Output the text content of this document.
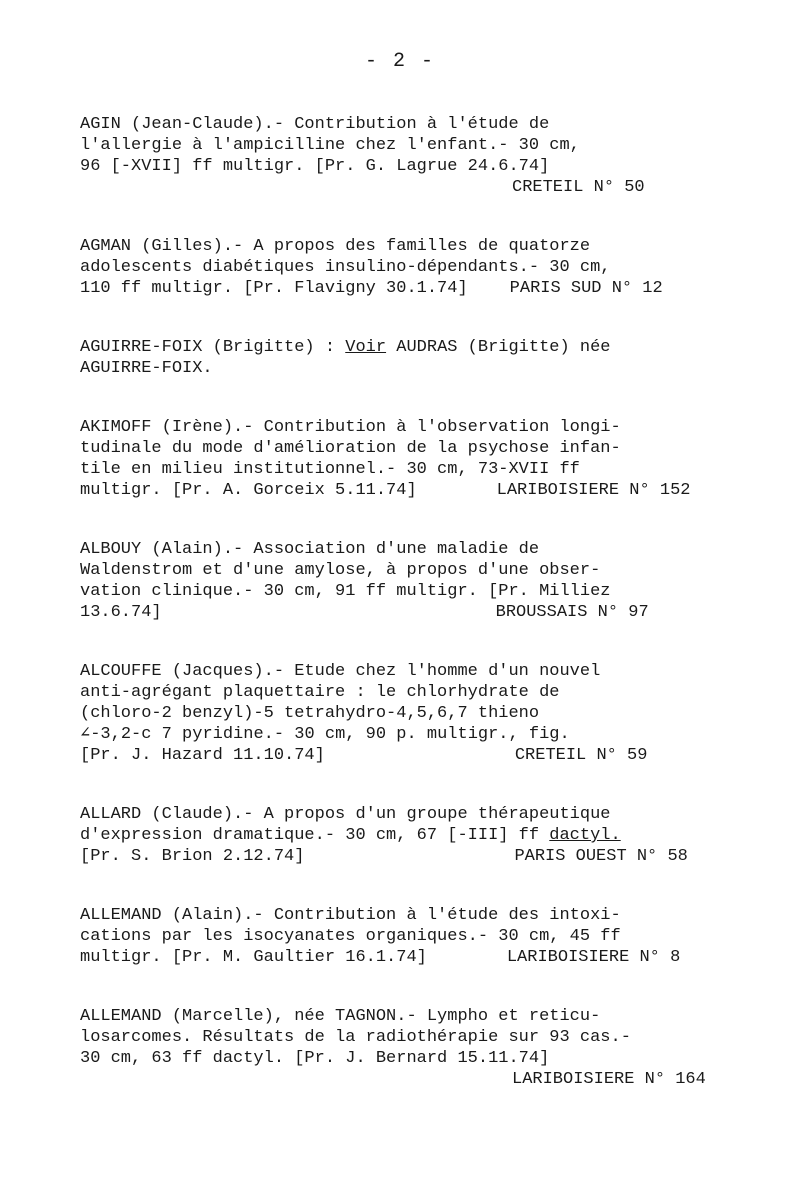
- 2 -
AGIN (Jean-Claude).- Contribution à l'étude de
l'allergie à l'ampicilline chez l'enfant.- 30 cm,
96 [-XVII] ff multigr. [Pr. G. Lagrue 24.6.74]
CRETEIL N° 50
AGMAN (Gilles).- A propos des familles de quatorze
adolescents diabétiques insulino-dépendants.- 30 cm,
110 ff multigr. [Pr. Flavigny 30.1.74] PARIS SUD N° 12
AGUIRRE-FOIX (Brigitte) : Voir AUDRAS (Brigitte) née
AGUIRRE-FOIX.
AKIMOFF (Irène).- Contribution à l'observation longi-
tudinale du mode d'amélioration de la psychose infan-
tile en milieu institutionnel.- 30 cm, 73-XVII ff
multigr. [Pr. A. Gorceix 5.11.74]	LARIBOISIERE N° 152
ALBOUY (Alain).- Association d'une maladie de
Waldenstrom et d'une amylose, à propos d'une obser-
vation clinique.- 30 cm, 91 ff multigr. [Pr. Milliez
13.6.74]	BROUSSAIS N° 97
ALCOUFFE (Jacques).- Etude chez l'homme d'un nouvel
anti-agrégant plaquettaire : le chlorhydrate de
(chloro-2 benzyl)-5 tetrahydro-4,5,6,7 thieno
∠-3,2-c 7 pyridine.- 30 cm, 90 p. multigr., fig.
[Pr. J. Hazard 11.10.74]	CRETEIL N° 59
ALLARD (Claude).- A propos d'un groupe thérapeutique
d'expression dramatique.- 30 cm, 67 [-III] ff dactyl.
[Pr. S. Brion 2.12.74]	PARIS OUEST N° 58
ALLEMAND (Alain).- Contribution à l'étude des intoxi-
cations par les isocyanates organiques.- 30 cm, 45 ff
multigr. [Pr. M. Gaultier 16.1.74]	LARIBOISIERE N° 8
ALLEMAND (Marcelle), née TAGNON.- Lympho et reticu-
losarcomes. Résultats de la radiothérapie sur 93 cas.-
30 cm, 63 ff dactyl. [Pr. J. Bernard 15.11.74]
LARIBOISIERE N° 164
